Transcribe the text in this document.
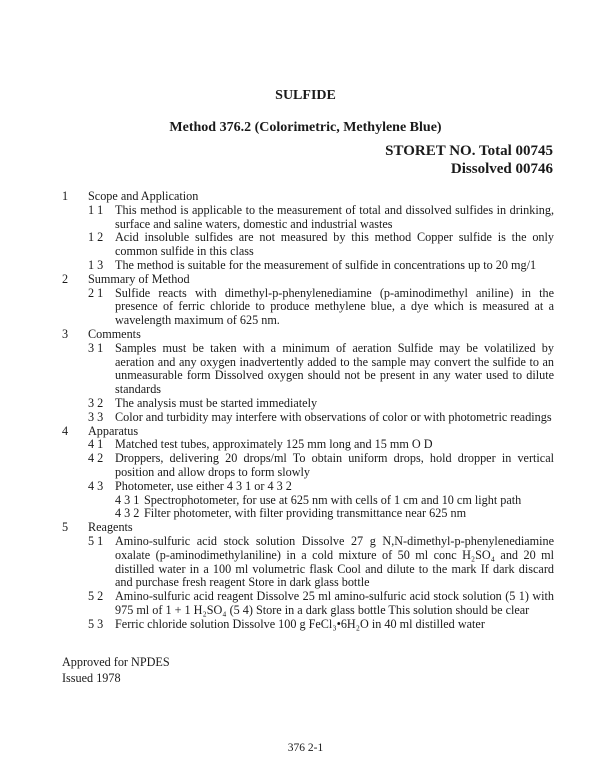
SULFIDE
Method 376.2 (Colorimetric, Methylene Blue)
STORET NO. Total 00745
Dissolved 00746
1	Scope and Application
1 1 This method is applicable to the measurement of total and dissolved sulfides in drinking, surface and saline waters, domestic and industrial wastes
1 2 Acid insoluble sulfides are not measured by this method Copper sulfide is the only common sulfide in this class
1 3 The method is suitable for the measurement of sulfide in concentrations up to 20 mg/1
2	Summary of Method
2 1 Sulfide reacts with dimethyl-p-phenylenediamine (p-aminodimethyl aniline) in the presence of ferric chloride to produce methylene blue, a dye which is measured at a wavelength maximum of 625 nm.
3	Comments
3 1 Samples must be taken with a minimum of aeration Sulfide may be volatilized by aeration and any oxygen inadvertently added to the sample may convert the sulfide to an unmeasurable form Dissolved oxygen should not be present in any water used to dilute standards
3 2 The analysis must be started immediately
3 3 Color and turbidity may interfere with observations of color or with photometric readings
4	Apparatus
4 1 Matched test tubes, approximately 125 mm long and 15 mm O D
4 2 Droppers, delivering 20 drops/ml To obtain uniform drops, hold dropper in vertical position and allow drops to form slowly
4 3 Photometer, use either 4 3 1 or 4 3 2
4 3 1 Spectrophotometer, for use at 625 nm with cells of 1 cm and 10 cm light path
4 3 2 Filter photometer, with filter providing transmittance near 625 nm
5	Reagents
5 1 Amino-sulfuric acid stock solution Dissolve 27 g N,N-dimethyl-p-phenylenediamine oxalate (p-aminodimethylaniline) in a cold mixture of 50 ml conc H₂SO₄ and 20 ml distilled water in a 100 ml volumetric flask Cool and dilute to the mark If dark discard and purchase fresh reagent Store in dark glass bottle
5 2 Amino-sulfuric acid reagent Dissolve 25 ml amino-sulfuric acid stock solution (5 1) with 975 ml of 1 + 1 H₂SO₄ (5 4) Store in a dark glass bottle This solution should be clear
5 3 Ferric chloride solution Dissolve 100 g FeCl₃•6H₂O in 40 ml distilled water
Approved for NPDES
Issued 1978
376 2-1
